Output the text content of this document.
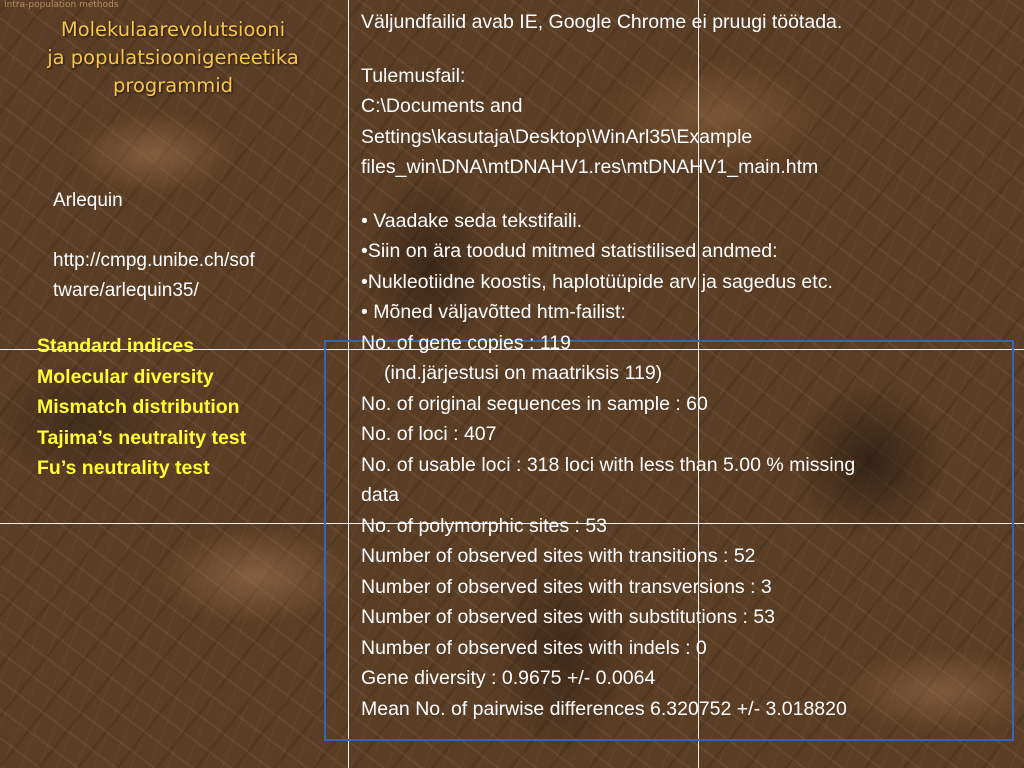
Intra-population methods
Molekulaarevolutsiooni
ja populatsioonigeneetika
programmid
Arlequin
http://cmpg.unibe.ch/sof
tware/arlequin35/
Standard indices
Molecular diversity
Mismatch distribution
Tajima’s neutrality test
Fu’s neutrality test
Väljundfailid avab IE, Google Chrome ei pruugi töötada.
Tulemusfail:
C:\Documents and
Settings\kasutaja\Desktop\WinArl35\Example
files_win\DNA\mtDNAHV1.res\mtDNAHV1_main.htm
• Vaadake seda tekstifaili.
•Siin on ära toodud mitmed statistilised andmed:
•Nukleotiidne koostis, haplotüüpide arv ja sagedus etc.
• Mõned väljavõtted htm-failist:
No. of gene copies : 119
(ind.järjestusi on maatriksis 119)
No. of original sequences in sample : 60
No. of loci : 407
No. of usable loci : 318 loci with less than 5.00 % missing
data
No. of polymorphic sites : 53
Number of observed sites with transitions : 52
Number of observed sites with transversions : 3
Number of observed sites with substitutions : 53
Number of observed sites with indels : 0
Gene diversity : 0.9675 +/- 0.0064
Mean No. of pairwise differences 6.320752 +/- 3.018820
